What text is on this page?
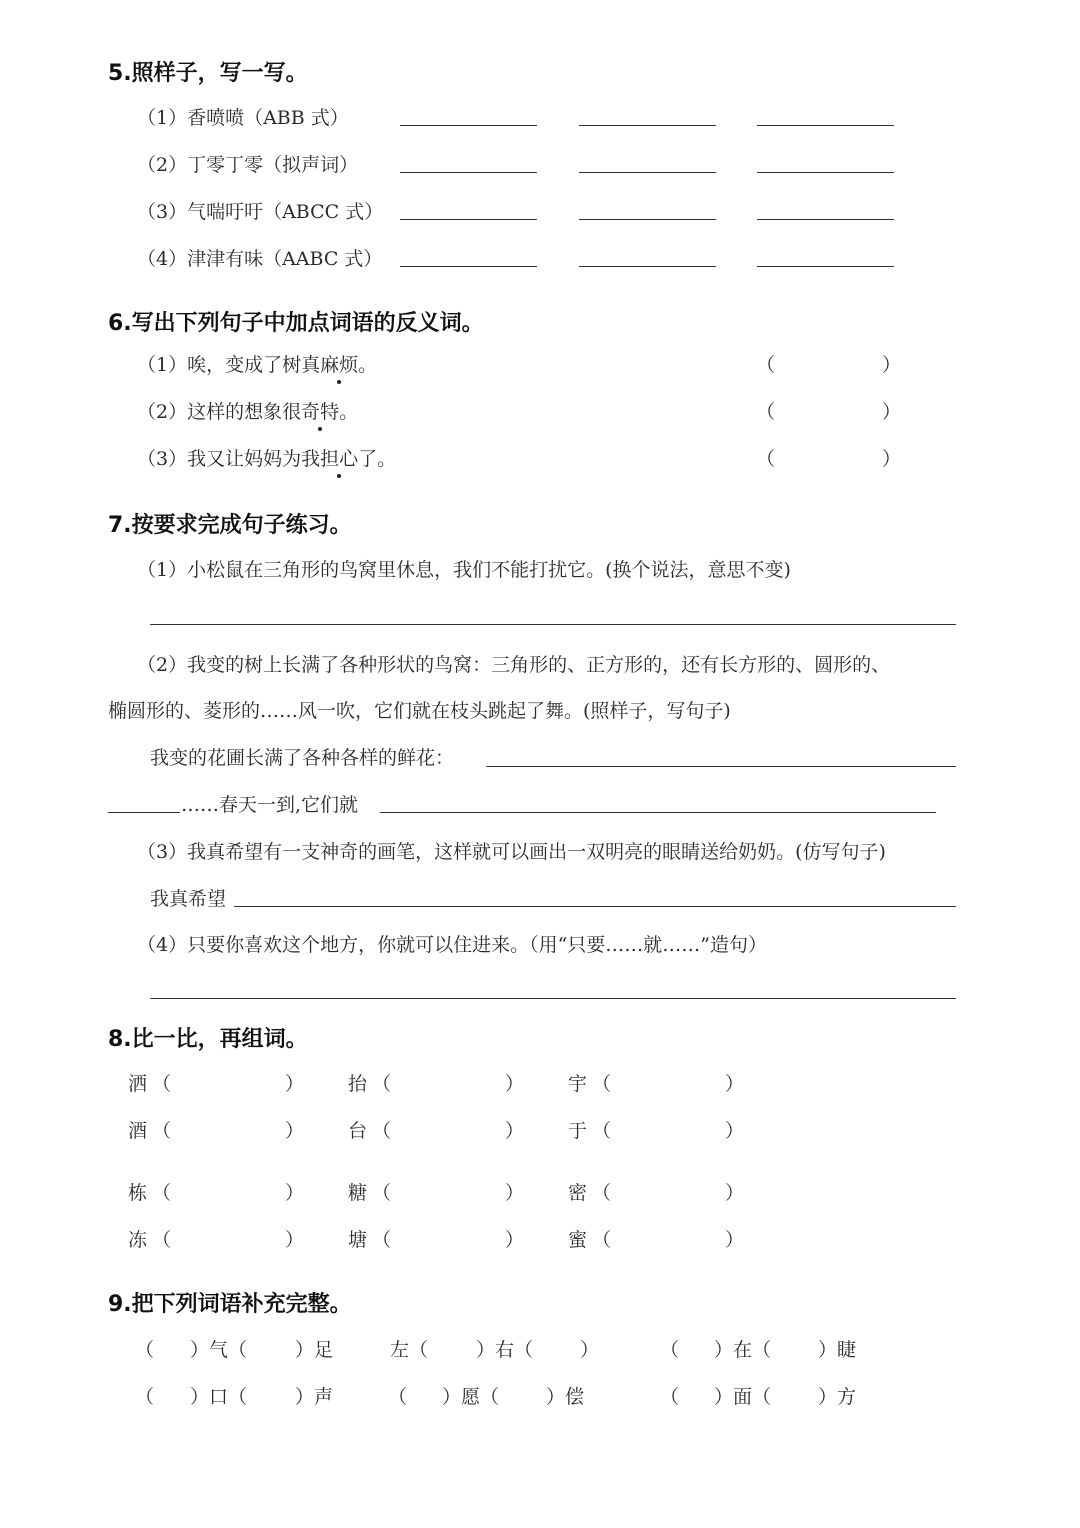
5.照样子，写一写。
（1）香喷喷（ABB 式）
（2）丁零丁零（拟声词）
（3）气喘吁吁（ABCC 式）
（4）津津有味（AABC 式）
6.写出下列句子中加点词语的反义词。
（1）唉，变成了树真麻烦。	（	）
（2）这样的想象很奇特。	（	）
（3）我又让妈妈为我担心了。	（	）
7.按要求完成句子练习。
（1）小松鼠在三角形的鸟窝里休息，我们不能打扰它。(换个说法，意思不变)
（2）我变的树上长满了各种形状的鸟窝：三角形的、正方形的，还有长方形的、圆形的、
椭圆形的、菱形的……风一吹，它们就在枝头跳起了舞。(照样子，写句子)
我变的花圃长满了各种各样的鲜花：
……春天一到,它们就
（3）我真希望有一支神奇的画笔，这样就可以画出一双明亮的眼睛送给奶奶。(仿写句子)
我真希望
（4）只要你喜欢这个地方，你就可以住进来。（用“只要……就……”造句）
8.比一比，再组词。
洒 （	） 抬 （	） 宇 （	）
酒 （	） 台 （	） 于 （	）
栋 （	） 糖 （	） 密 （	）
冻 （	） 塘 （	） 蜜 （	）
9.把下列词语补充完整。
（ ）气（	）足	左（	）右（ ）	（ ）在（ ）睫
（ ）口（	）声	（ ）愿（ ）偿	（ ）面（ ）方
